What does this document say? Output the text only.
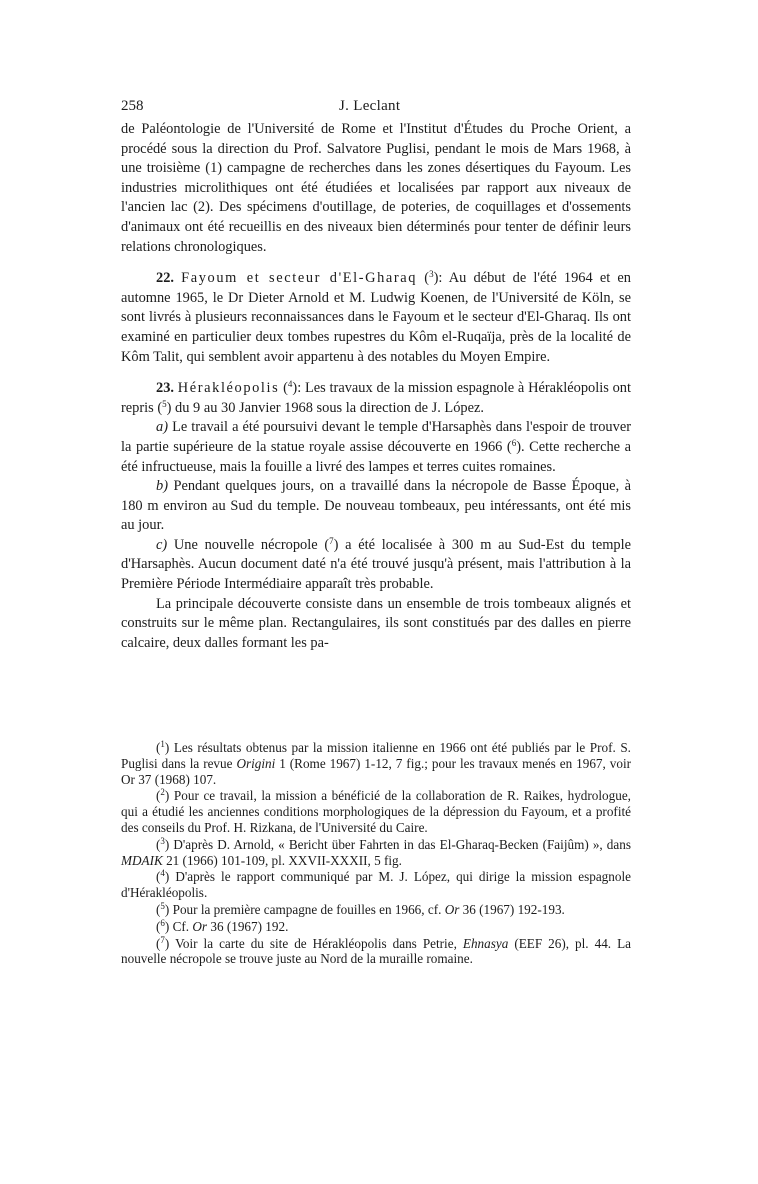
258	J. Leclant

de Paléontologie de l'Université de Rome et l'Institut d'Études du Proche Orient, a procédé sous la direction du Prof. Salvatore Puglisi, pendant le mois de Mars 1968, à une troisième (1) campagne de recherches dans les zones désertiques du Fayoum. Les industries microlithiques ont été étudiées et localisées par rapport aux niveaux de l'ancien lac (2). Des spécimens d'outillage, de poteries, de coquillages et d'ossements d'animaux ont été recueillis en des niveaux bien déterminés pour tenter de définir leurs relations chronologiques.

22. Fayoum et secteur d'El-Gharaq ($^3$): Au début de l'été 1964 et en automne 1965, le Dr Dieter Arnold et M. Ludwig Koenen, de l'Université de Köln, se sont livrés à plusieurs reconnaissances dans le Fayoum et le secteur d'El-Gharaq. Ils ont examiné en particulier deux tombes rupestres du Kôm el-Ruqaïja, près de la localité de Kôm Talit, qui semblent avoir appartenu à des notables du Moyen Empire.

23. Hérakléopolis ($^4$): Les travaux de la mission espagnole à Hérakléopolis ont repris ($^5$) du 9 au 30 Janvier 1968 sous la direction de J. López.

a) Le travail a été poursuivi devant le temple d'Harsaphès dans l'espoir de trouver la partie supérieure de la statue royale assise découverte en 1966 ($^6$). Cette recherche a été infructueuse, mais la fouille a livré des lampes et terres cuites romaines.

b) Pendant quelques jours, on a travaillé dans la nécropole de Basse Époque, à 180 m environ au Sud du temple. De nouveau tombeaux, peu intéressants, ont été mis au jour.

c) Une nouvelle nécropole ($^7$) a été localisée à 300 m au Sud-Est du temple d'Harsaphès. Aucun document daté n'a été trouvé jusqu'à présent, mais l'attribution à la Première Période Intermédiaire apparaît très probable.

La principale découverte consiste dans un ensemble de trois tombeaux alignés et construits sur le même plan. Rectangulaires, ils sont constitués par des dalles en pierre calcaire, deux dalles formant les pa-

($^1$) Les résultats obtenus par la mission italienne en 1966 ont été publiés par le Prof. S. Puglisi dans la revue Origini 1 (Rome 1967) 1-12, 7 fig.; pour les travaux menés en 1967, voir Or 37 (1968) 107.

($^2$) Pour ce travail, la mission a bénéficié de la collaboration de R. Raikes, hydrologue, qui a étudié les anciennes conditions morphologiques de la dépression du Fayoum, et a profité des conseils du Prof. H. Rizkana, de l'Université du Caire.

($^3$) D'après D. Arnold, « Bericht über Fahrten in das El-Gharaq-Becken (Faijûm) », dans MDAIK 21 (1966) 101-109, pl. XXVII-XXXII, 5 fig.

($^4$) D'après le rapport communiqué par M. J. López, qui dirige la mission espagnole d'Hérakléopolis.

($^5$) Pour la première campagne de fouilles en 1966, cf. Or 36 (1967) 192-193.

($^6$) Cf. Or 36 (1967) 192.

($^7$) Voir la carte du site de Hérakléopolis dans Petrie, Ehnasya (EEF 26), pl. 44. La nouvelle nécropole se trouve juste au Nord de la muraille romaine.
